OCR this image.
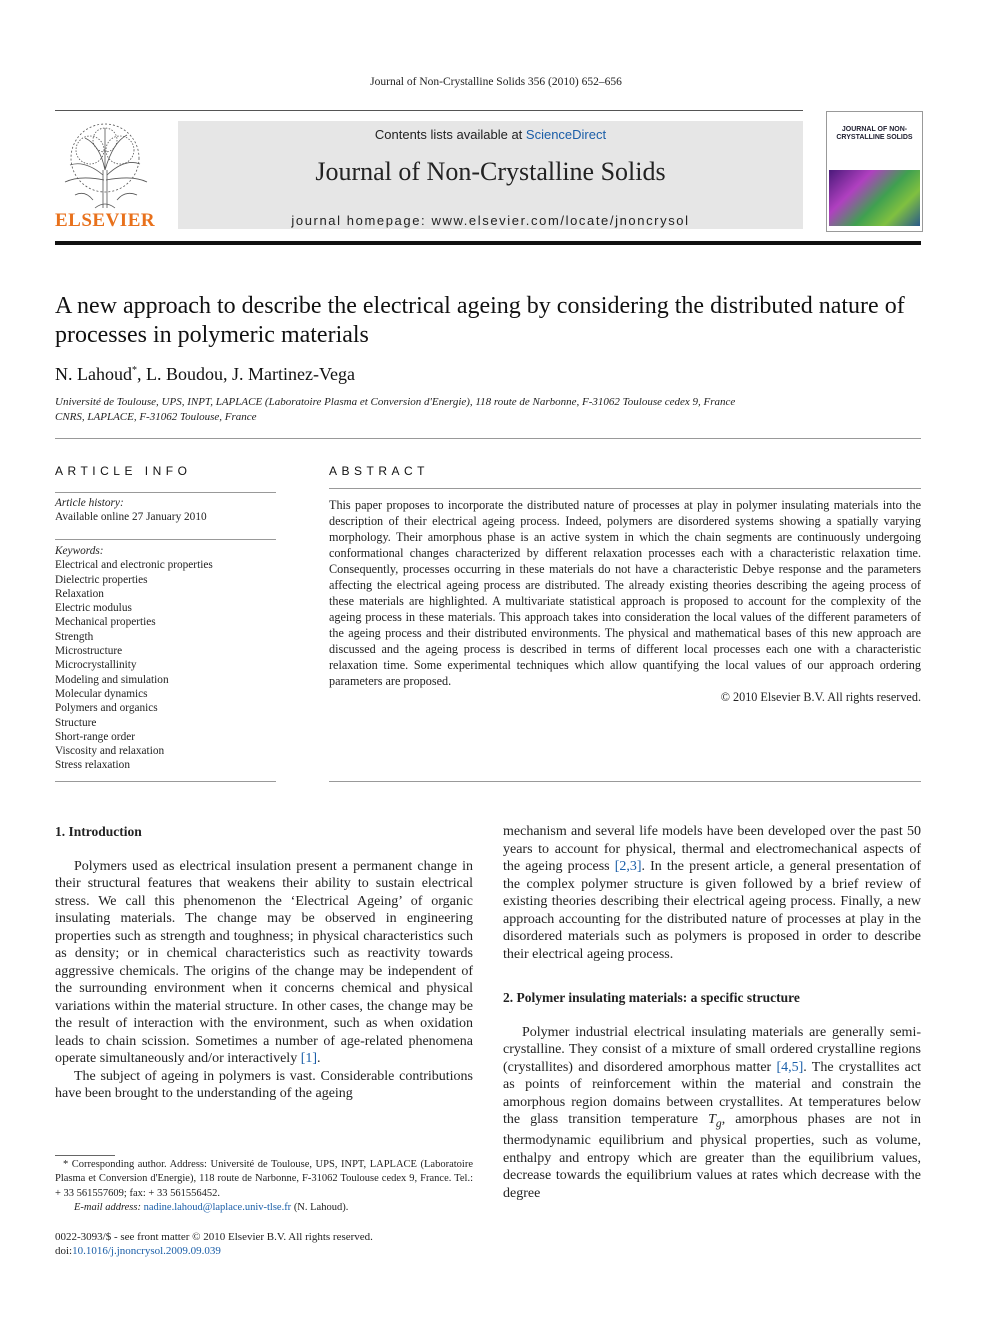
Journal of Non-Crystalline Solids 356 (2010) 652–656
ELSEVIER
Contents lists available at ScienceDirect
Journal of Non-Crystalline Solids
journal homepage: www.elsevier.com/locate/jnoncrysol
JOURNAL OF NON-CRYSTALLINE SOLIDS
A new approach to describe the electrical ageing by considering the distributed nature of processes in polymeric materials
N. Lahoud*, L. Boudou, J. Martinez-Vega
Université de Toulouse, UPS, INPT, LAPLACE (Laboratoire Plasma et Conversion d'Energie), 118 route de Narbonne, F-31062 Toulouse cedex 9, France
CNRS, LAPLACE, F-31062 Toulouse, France
ARTICLE INFO
Article history:
Available online 27 January 2010
Keywords:
Electrical and electronic properties
Dielectric properties
Relaxation
Electric modulus
Mechanical properties
Strength
Microstructure
Microcrystallinity
Modeling and simulation
Molecular dynamics
Polymers and organics
Structure
Short-range order
Viscosity and relaxation
Stress relaxation
ABSTRACT
This paper proposes to incorporate the distributed nature of processes at play in polymer insulating materials into the description of their electrical ageing process. Indeed, polymers are disordered systems showing a spatially varying morphology. Their amorphous phase is an active system in which the chain segments are continuously undergoing conformational changes characterized by different relaxation processes each with a characteristic relaxation time. Consequently, processes occurring in these materials do not have a characteristic Debye response and the parameters affecting the electrical ageing process are distributed. The already existing theories describing the ageing process of these materials are highlighted. A multivariate statistical approach is proposed to account for the complexity of the ageing process in these materials. This approach takes into consideration the local values of the different parameters of the ageing process and their distributed environments. The physical and mathematical bases of this new approach are discussed and the ageing process is described in terms of different local processes each one with a characteristic relaxation time. Some experimental techniques which allow quantifying the local values of our approach ordering parameters are proposed.
© 2010 Elsevier B.V. All rights reserved.

1. Introduction

Polymers used as electrical insulation present a permanent change in their structural features that weakens their ability to sustain electrical stress. We call this phenomenon the ‘Electrical Ageing’ of organic insulating materials. The change may be observed in engineering properties such as strength and toughness; in physical characteristics such as density; or in chemical characteristics such as reactivity towards aggressive chemicals. The origins of the change may be independent of the surrounding environment when it concerns chemical and physical variations within the material structure. In other cases, the change may be the result of interaction with the environment, such as when oxidation leads to chain scission. Sometimes a number of age-related phenomena operate simultaneously and/or interactively [1].

The subject of ageing in polymers is vast. Considerable contributions have been brought to the understanding of the ageing

mechanism and several life models have been developed over the past 50 years to account for physical, thermal and electromechanical aspects of the ageing process [2,3]. In the present article, a general presentation of the complex polymer structure is given followed by a brief review of existing theories describing their electrical ageing process. Finally, a new approach accounting for the distributed nature of processes at play in the disordered materials such as polymers is proposed in order to describe their electrical ageing process.

2. Polymer insulating materials: a specific structure

Polymer industrial electrical insulating materials are generally semi-crystalline. They consist of a mixture of small ordered crystalline regions (crystallites) and disordered amorphous matter [4,5]. The crystallites act as points of reinforcement within the material and constrain the amorphous region domains between crystallites. At temperatures below the glass transition temperature $T_g$, amorphous phases are not in thermodynamic equilibrium and physical properties, such as volume, enthalpy and entropy which are greater than the equilibrium values, decrease towards the equilibrium values at rates which decrease with the degree

* Corresponding author. Address: Université de Toulouse, UPS, INPT, LAPLACE (Laboratoire Plasma et Conversion d'Energie), 118 route de Narbonne, F-31062 Toulouse cedex 9, France. Tel.: + 33 561557609; fax: + 33 561556452.
E-mail address: nadine.lahoud@laplace.univ-tlse.fr (N. Lahoud).
0022-3093/$ - see front matter © 2010 Elsevier B.V. All rights reserved.
doi:10.1016/j.jnoncrysol.2009.09.039
